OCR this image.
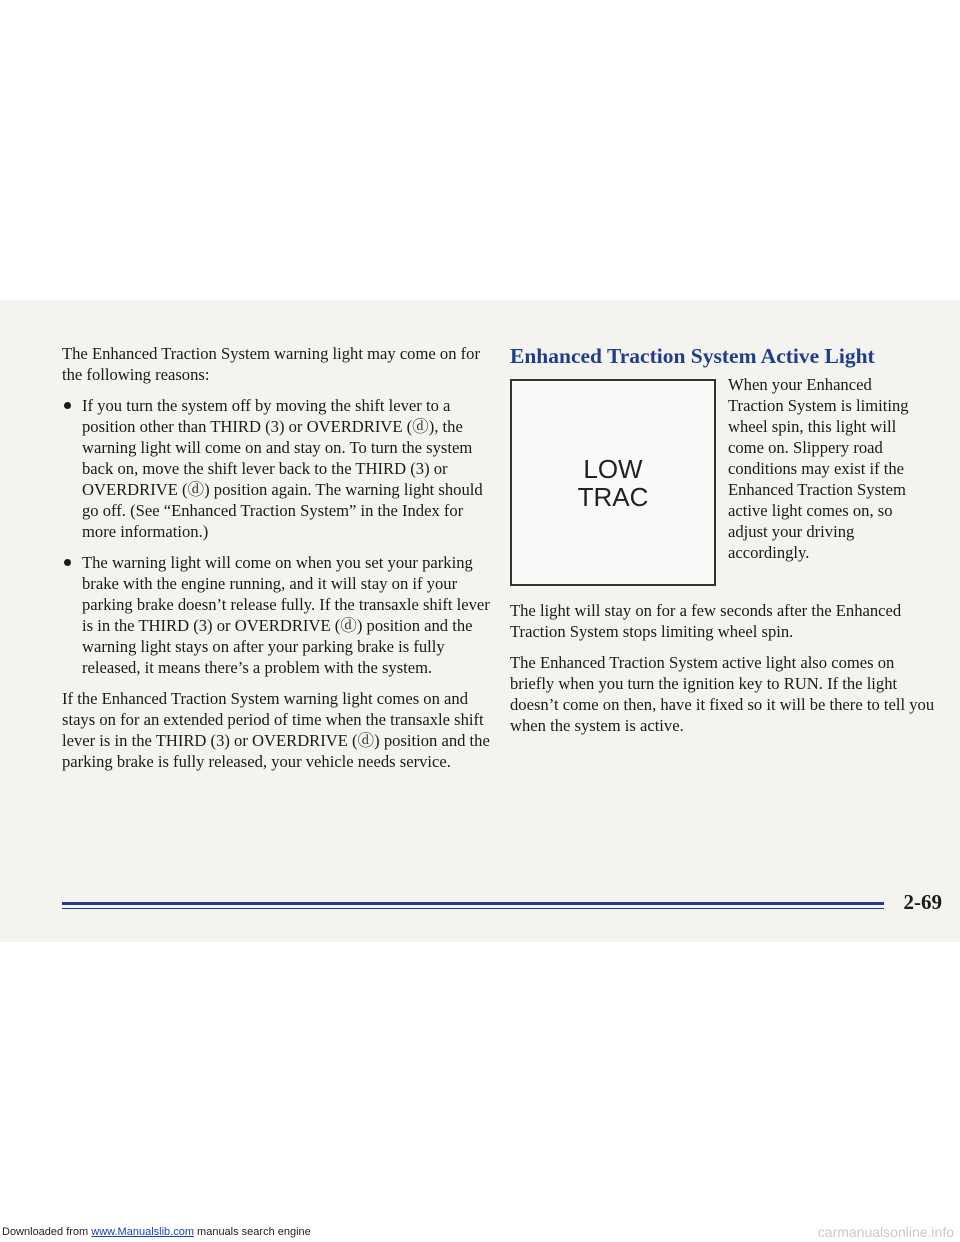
The Enhanced Traction System warning light may come on for the following reasons:

If you turn the system off by moving the shift lever to a position other than THIRD (3) or OVERDRIVE (ⓓ), the warning light will come on and stay on. To turn the system back on, move the shift lever back to the THIRD (3) or OVERDRIVE (ⓓ) position again. The warning light should go off. (See “Enhanced Traction System” in the Index for more information.)
The warning light will come on when you set your parking brake with the engine running, and it will stay on if your parking brake doesn’t release fully. If the transaxle shift lever is in the THIRD (3) or OVERDRIVE (ⓓ) position and the warning light stays on after your parking brake is fully released, it means there’s a problem with the system.

If the Enhanced Traction System warning light comes on and stays on for an extended period of time when the transaxle shift lever is in the THIRD (3) or OVERDRIVE (ⓓ) position and the parking brake is fully released, your vehicle needs service.

Enhanced Traction System Active Light
LOW
TRAC
When your Enhanced Traction System is limiting wheel spin, this light will come on. Slippery road conditions may exist if the Enhanced Traction System active light comes on, so adjust your driving accordingly.

The light will stay on for a few seconds after the Enhanced Traction System stops limiting wheel spin.

The Enhanced Traction System active light also comes on briefly when you turn the ignition key to RUN. If the light doesn’t come on then, have it fixed so it will be there to tell you when the system is active.

2-69
Downloaded from www.Manualslib.com manuals search engine	carmanualsonline.info
